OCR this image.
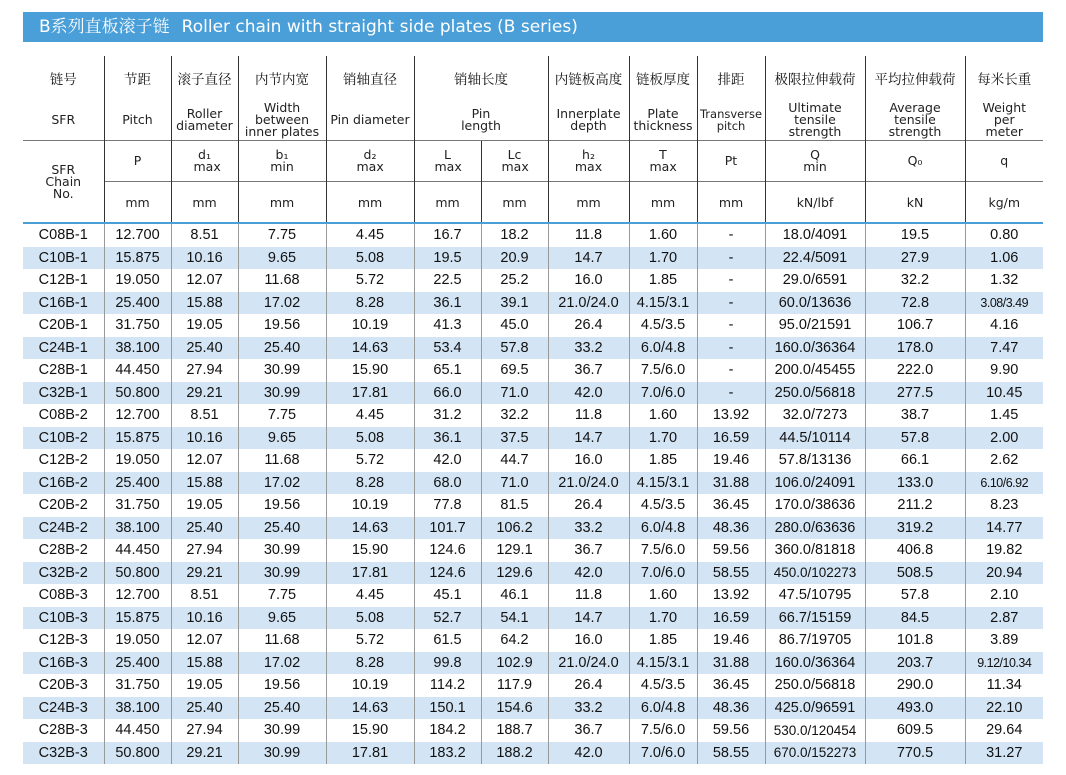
B系列直板滚子链 Roller chain with straight side plates (B series)
链号	节距	滚子直径	内节内宽	销轴直径	销轴长度		内链板高度	链板厚度	排距	极限拉伸载荷	平均拉伸载荷	每米长重
SFR	Pitch	Roller diameter	Width between inner plates	Pin diameter	Pin length		Innerplate depth	Plate thickness	Transverse pitch	Ultimate tensile strength	Average tensile strength	Weight per meter
SFR Chain No.	P	d₁ max	b₁ min	d₂ max	L max	Lc max	h₂ max	T max	Pt	Q min	Q₀	q
	mm	mm	mm	mm	mm	mm	mm	mm	mm	kN/lbf	kN	kg/m
C08B-1	12.700	8.51	7.75	4.45	16.7	18.2	11.8	1.60	-	18.0/4091	19.5	0.80
C10B-1	15.875	10.16	9.65	5.08	19.5	20.9	14.7	1.70	-	22.4/5091	27.9	1.06
C12B-1	19.050	12.07	11.68	5.72	22.5	25.2	16.0	1.85	-	29.0/6591	32.2	1.32
C16B-1	25.400	15.88	17.02	8.28	36.1	39.1	21.0/24.0	4.15/3.1	-	60.0/13636	72.8	3.08/3.49
C20B-1	31.750	19.05	19.56	10.19	41.3	45.0	26.4	4.5/3.5	-	95.0/21591	106.7	4.16
C24B-1	38.100	25.40	25.40	14.63	53.4	57.8	33.2	6.0/4.8	-	160.0/36364	178.0	7.47
C28B-1	44.450	27.94	30.99	15.90	65.1	69.5	36.7	7.5/6.0	-	200.0/45455	222.0	9.90
C32B-1	50.800	29.21	30.99	17.81	66.0	71.0	42.0	7.0/6.0	-	250.0/56818	277.5	10.45
C08B-2	12.700	8.51	7.75	4.45	31.2	32.2	11.8	1.60	13.92	32.0/7273	38.7	1.45
C10B-2	15.875	10.16	9.65	5.08	36.1	37.5	14.7	1.70	16.59	44.5/10114	57.8	2.00
C12B-2	19.050	12.07	11.68	5.72	42.0	44.7	16.0	1.85	19.46	57.8/13136	66.1	2.62
C16B-2	25.400	15.88	17.02	8.28	68.0	71.0	21.0/24.0	4.15/3.1	31.88	106.0/24091	133.0	6.10/6.92
C20B-2	31.750	19.05	19.56	10.19	77.8	81.5	26.4	4.5/3.5	36.45	170.0/38636	211.2	8.23
C24B-2	38.100	25.40	25.40	14.63	101.7	106.2	33.2	6.0/4.8	48.36	280.0/63636	319.2	14.77
C28B-2	44.450	27.94	30.99	15.90	124.6	129.1	36.7	7.5/6.0	59.56	360.0/81818	406.8	19.82
C32B-2	50.800	29.21	30.99	17.81	124.6	129.6	42.0	7.0/6.0	58.55	450.0/102273	508.5	20.94
C08B-3	12.700	8.51	7.75	4.45	45.1	46.1	11.8	1.60	13.92	47.5/10795	57.8	2.10
C10B-3	15.875	10.16	9.65	5.08	52.7	54.1	14.7	1.70	16.59	66.7/15159	84.5	2.87
C12B-3	19.050	12.07	11.68	5.72	61.5	64.2	16.0	1.85	19.46	86.7/19705	101.8	3.89
C16B-3	25.400	15.88	17.02	8.28	99.8	102.9	21.0/24.0	4.15/3.1	31.88	160.0/36364	203.7	9.12/10.34
C20B-3	31.750	19.05	19.56	10.19	114.2	117.9	26.4	4.5/3.5	36.45	250.0/56818	290.0	11.34
C24B-3	38.100	25.40	25.40	14.63	150.1	154.6	33.2	6.0/4.8	48.36	425.0/96591	493.0	22.10
C28B-3	44.450	27.94	30.99	15.90	184.2	188.7	36.7	7.5/6.0	59.56	530.0/120454	609.5	29.64
C32B-3	50.800	29.21	30.99	17.81	183.2	188.2	42.0	7.0/6.0	58.55	670.0/152273	770.5	31.27
